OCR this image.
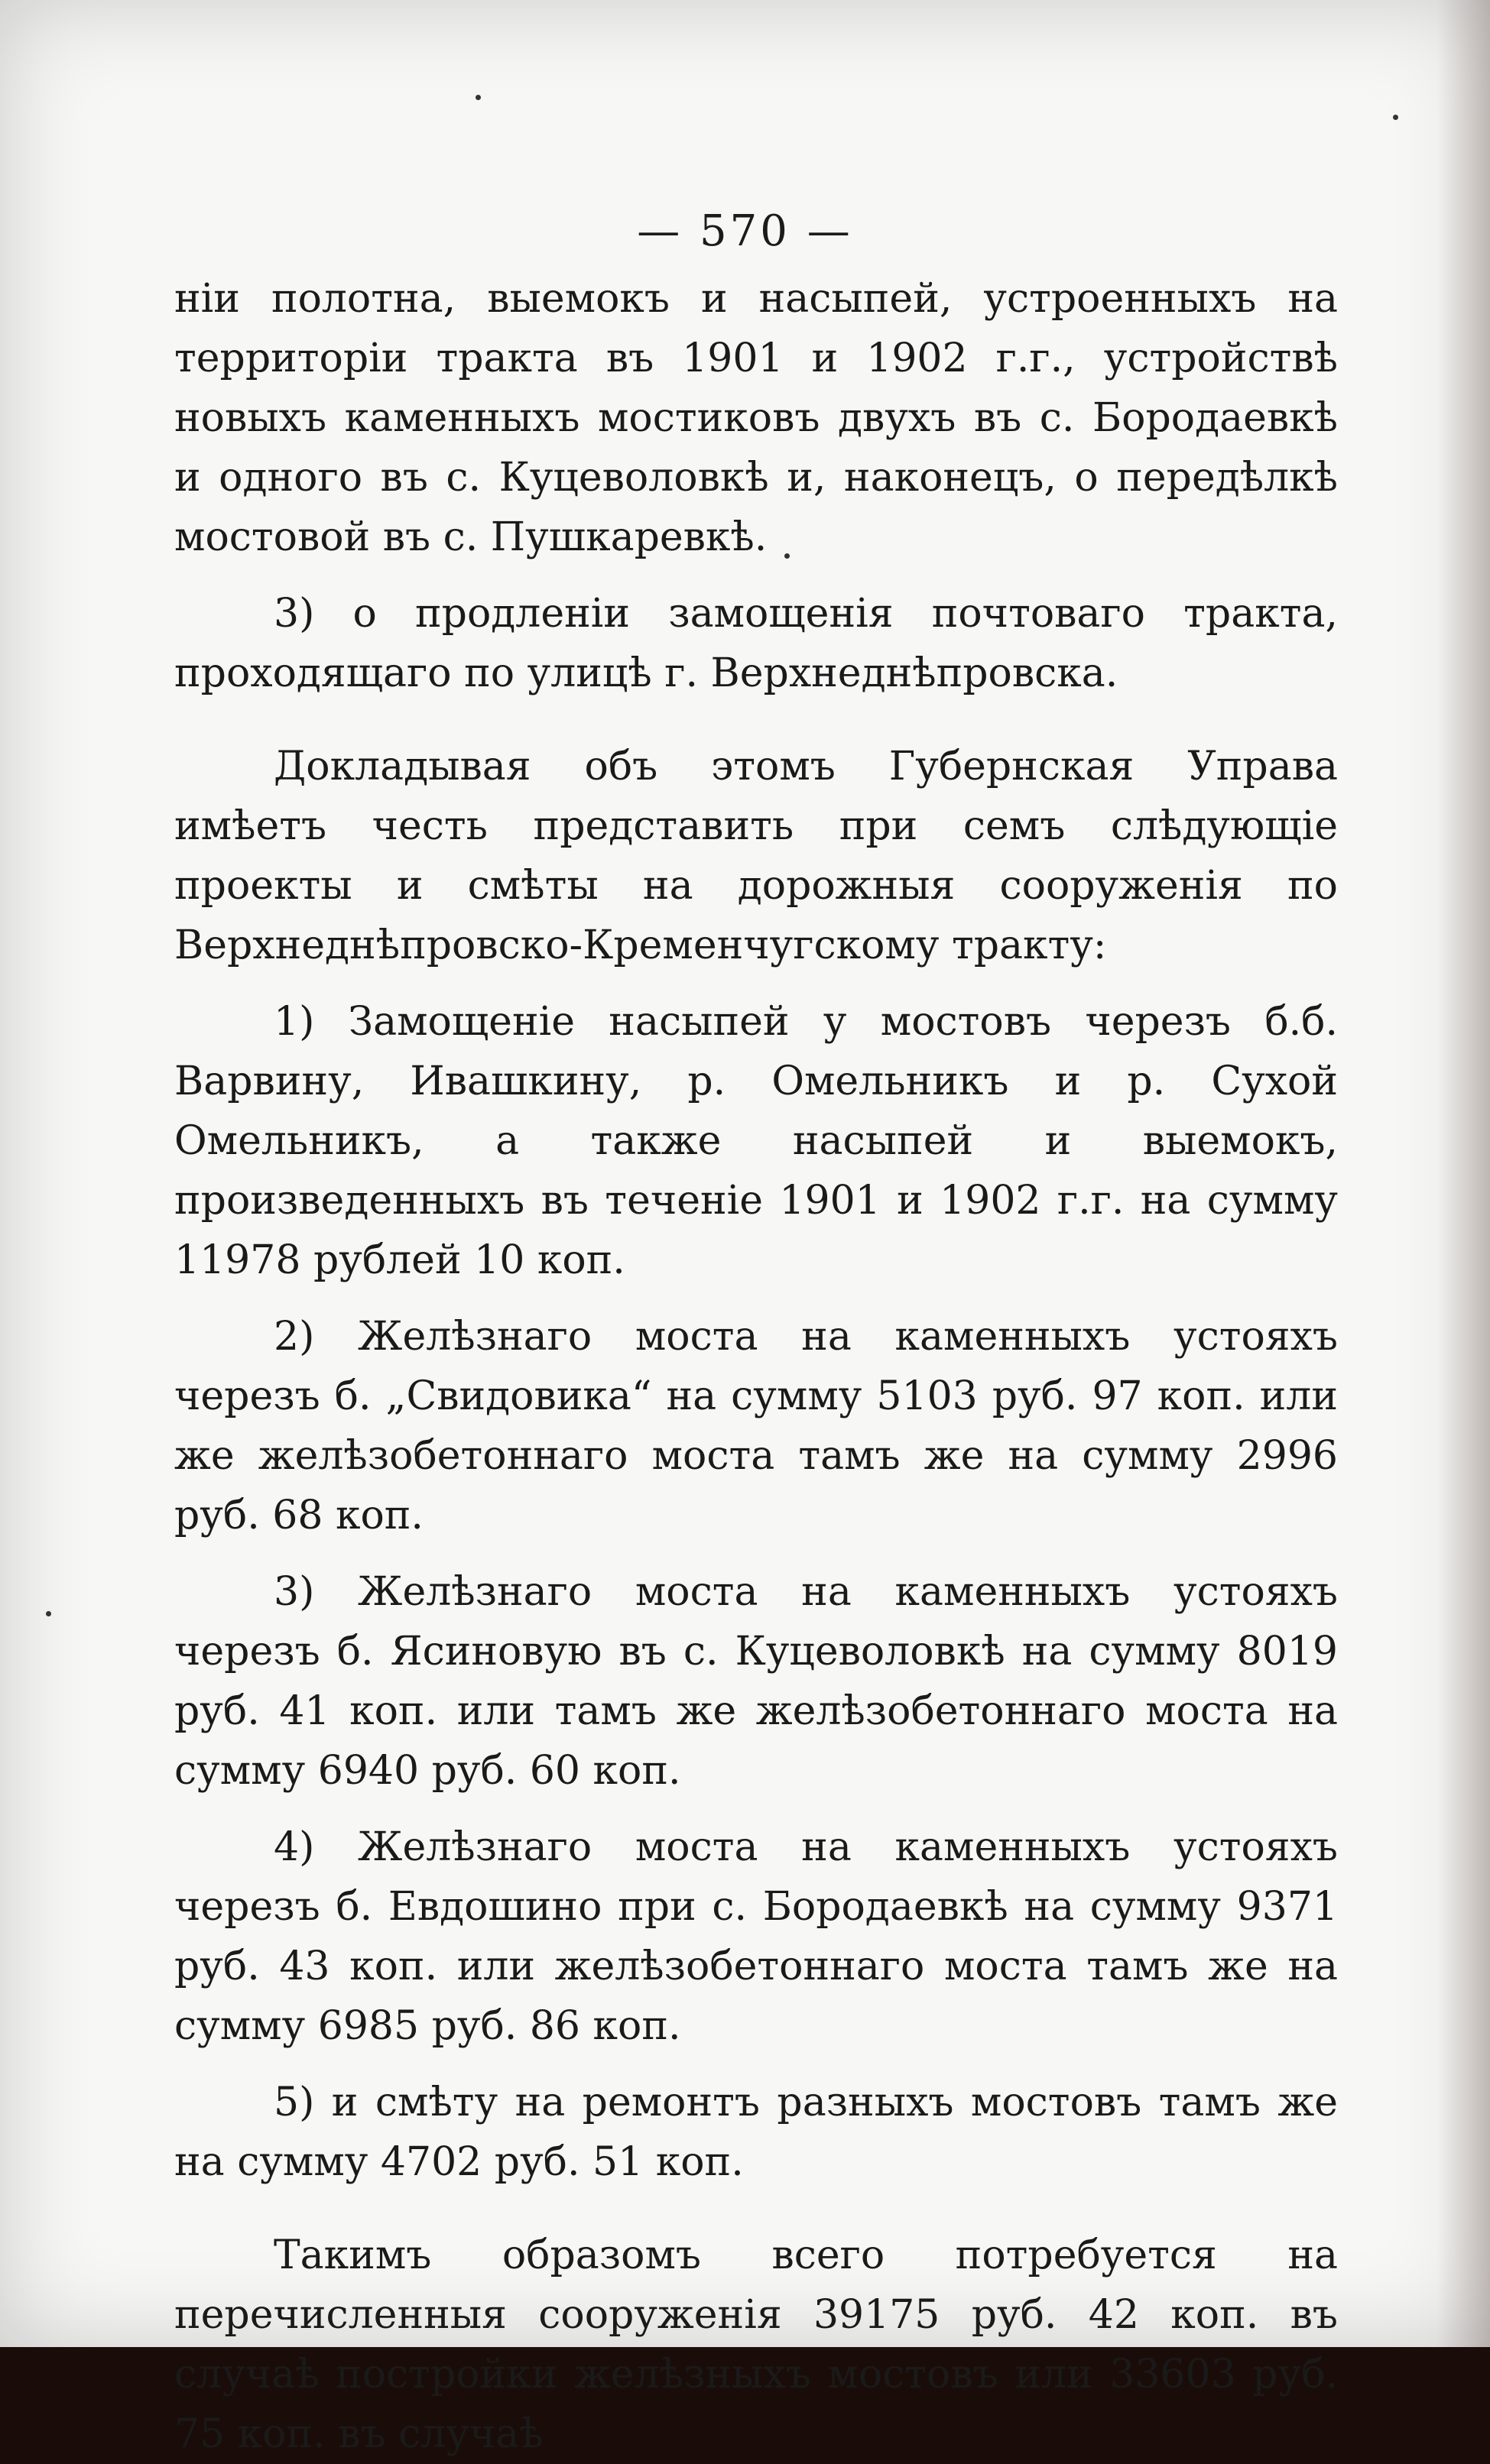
— 570 —

ніи полотна, выемокъ и насыпей, устроенныхъ на территоріи тракта въ 1901 и 1902 г.г., устройствѣ новыхъ каменныхъ мостиковъ двухъ въ с. Бородаевкѣ и одного въ с. Куцеволовкѣ и, наконецъ, о передѣлкѣ мостовой въ с. Пушкаревкѣ.

3) о продленіи замощенія почтоваго тракта, проходящаго по улицѣ г. Верхнеднѣпровска.

Докладывая объ этомъ Губернская Управа имѣетъ честь представить при семъ слѣдующіе проекты и смѣты на дорожныя сооруженія по Верхнеднѣпровско-Кременчугскому тракту:

1) Замощеніе насыпей у мостовъ черезъ б.б. Варвину, Ивашкину, р. Омельникъ и р. Сухой Омельникъ, а также насыпей и выемокъ, произведенныхъ въ теченіе 1901 и 1902 г.г. на сумму 11978 рублей 10 коп.

2) Желѣзнаго моста на каменныхъ устояхъ черезъ б. „Свидовика“ на сумму 5103 руб. 97 коп. или же желѣзобетоннаго моста тамъ же на сумму 2996 руб. 68 коп.

3) Желѣзнаго моста на каменныхъ устояхъ черезъ б. Ясиновую въ с. Куцеволовкѣ на сумму 8019 руб. 41 коп. или тамъ же желѣзобетоннаго моста на сумму 6940 руб. 60 коп.

4) Желѣзнаго моста на каменныхъ устояхъ черезъ б. Евдошино при с. Бородаевкѣ на сумму 9371 руб. 43 коп. или желѣзобетоннаго моста тамъ же на сумму 6985 руб. 86 коп.

5) и смѣту на ремонтъ разныхъ мостовъ тамъ же на сумму 4702 руб. 51 коп.

Такимъ образомъ всего потребуется на перечисленныя сооруженія 39175 руб. 42 коп. въ случаѣ постройки желѣзныхъ мостовъ или 33603 руб. 75 коп. въ случаѣ
